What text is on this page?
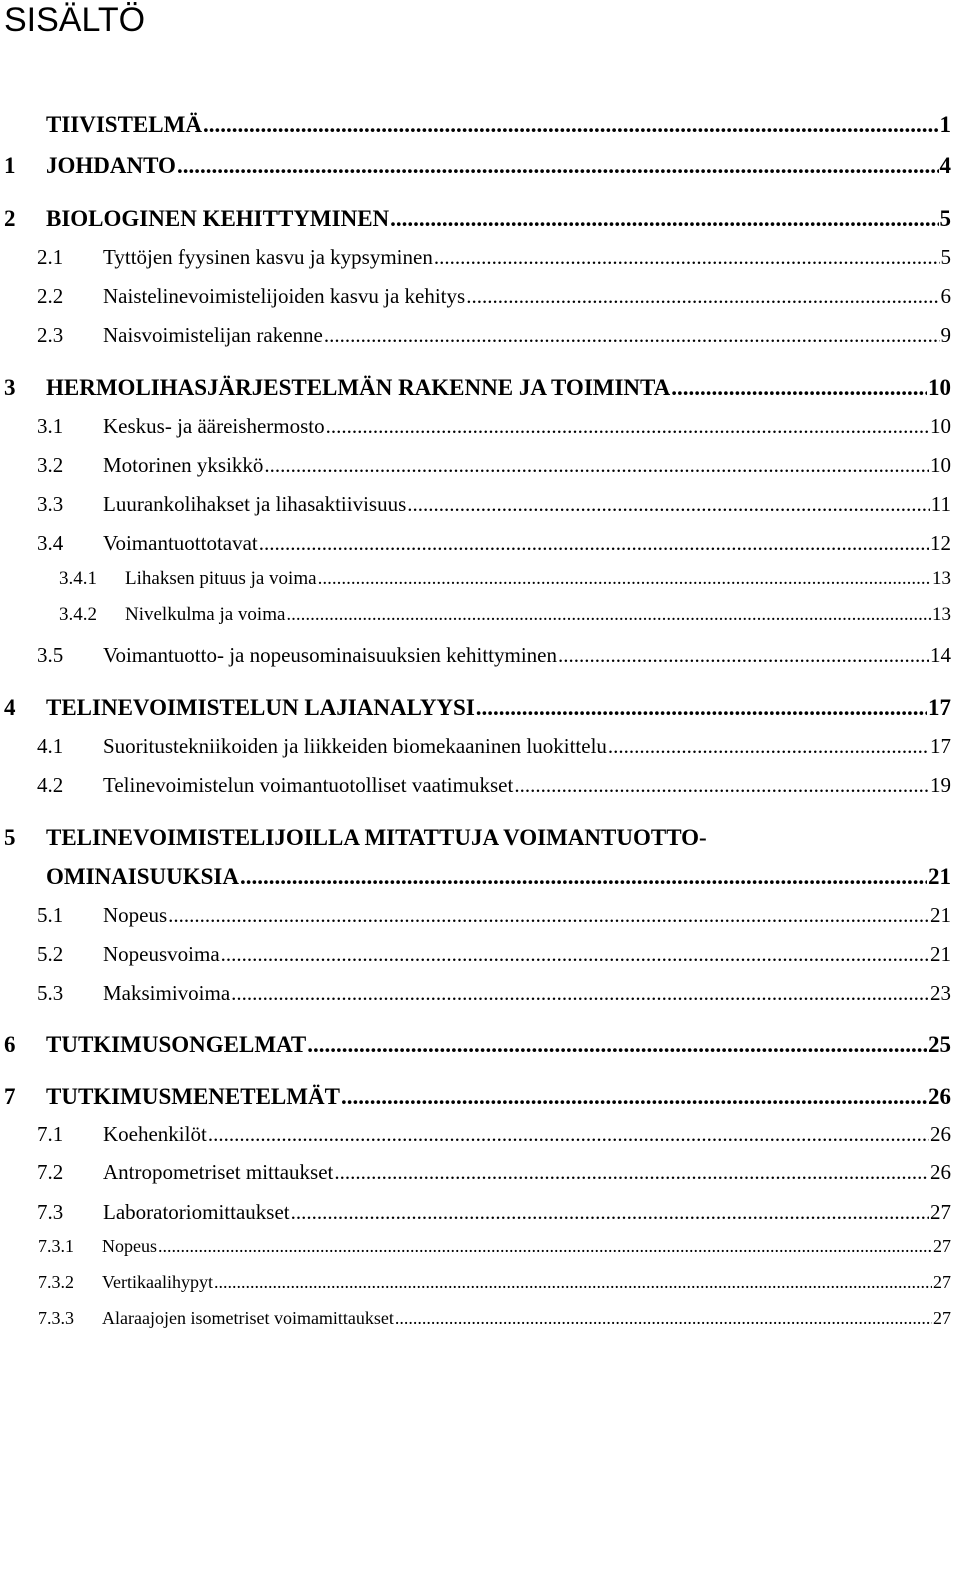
SISÄLTÖ
TIIVISTELMÄ .....	1
1	JOHDANTO .....	4
2	BIOLOGINEN KEHITTYMINEN .....	5
2.1	Tyttöjen fyysinen kasvu ja kypsyminen .....	5
2.2	Naistelinevoimistelijoiden kasvu ja kehitys .....	6
2.3	Naisvoimistelijan rakenne .....	9
3	HERMOLIHASJÄRJESTELMÄN RAKENNE JA TOIMINTA .....	10
3.1	Keskus- ja ääreishermosto .....	10
3.2	Motorinen yksikkö .....	10
3.3	Luurankolihakset ja lihasaktiivisuus .....	11
3.4	Voimantuottotavat .....	12
3.4.1	Lihaksen pituus ja voima .....	13
3.4.2	Nivelkulma ja voima .....	13
3.5	Voimantuotto- ja nopeusominaisuuksien kehittyminen .....	14
4	TELINEVOIMISTELUN LAJIANALYYSI .....	17
4.1	Suoritustekniikoiden ja liikkeiden biomekaaninen luokittelu .....	17
4.2	Telinevoimistelun voimantuotolliset vaatimukset .....	19
5	TELINEVOIMISTELIJOILLA MITATTUJA VOIMANTUOTTO-
OMINAISUUKSIA .....	21
5.1	Nopeus .....	21
5.2	Nopeusvoima .....	21
5.3	Maksimivoima .....	23
6	TUTKIMUSONGELMAT .....	25
7	TUTKIMUSMENETELMÄT .....	26
7.1	Koehenkilöt .....	26
7.2	Antropometriset mittaukset .....	26
7.3	Laboratoriomittaukset .....	27
7.3.1	Nopeus .....	27
7.3.2	Vertikaalihypyt .....	27
7.3.3	Alaraajojen isometriset voimamittaukset .....	27
